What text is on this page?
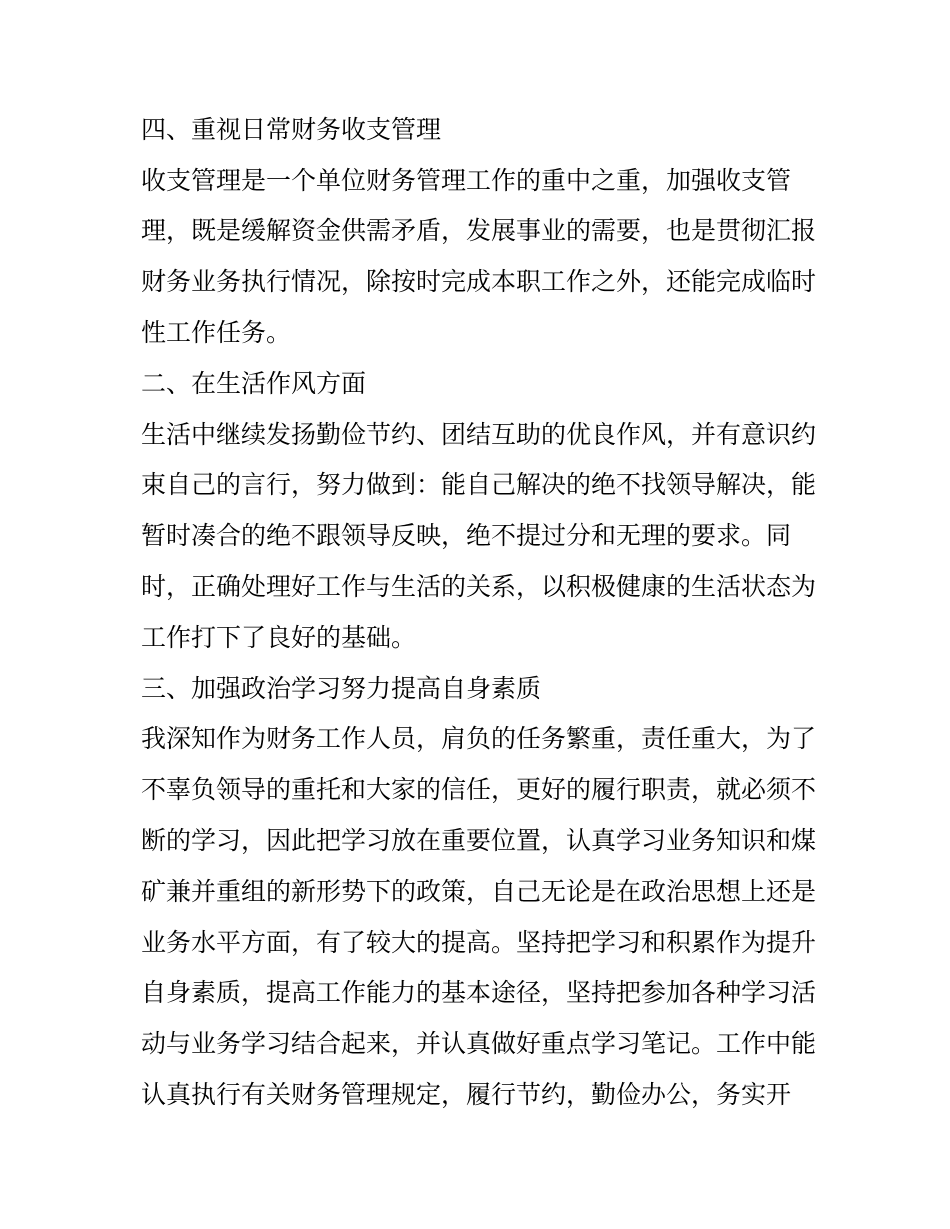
四、重视日常财务收支管理
收支管理是一个单位财务管理工作的重中之重，加强收支管
理，既是缓解资金供需矛盾，发展事业的需要，也是贯彻汇报
财务业务执行情况，除按时完成本职工作之外，还能完成临时
性工作任务。
二、在生活作风方面
生活中继续发扬勤俭节约、团结互助的优良作风，并有意识约
束自己的言行，努力做到：能自己解决的绝不找领导解决，能
暂时凑合的绝不跟领导反映，绝不提过分和无理的要求。同
时，正确处理好工作与生活的关系，以积极健康的生活状态为
工作打下了良好的基础。
三、加强政治学习努力提高自身素质
我深知作为财务工作人员，肩负的任务繁重，责任重大，为了
不辜负领导的重托和大家的信任，更好的履行职责，就必须不
断的学习，因此把学习放在重要位置，认真学习业务知识和煤
矿兼并重组的新形势下的政策，自己无论是在政治思想上还是
业务水平方面，有了较大的提高。坚持把学习和积累作为提升
自身素质，提高工作能力的基本途径，坚持把参加各种学习活
动与业务学习结合起来，并认真做好重点学习笔记。工作中能
认真执行有关财务管理规定，履行节约，勤俭办公，务实开
